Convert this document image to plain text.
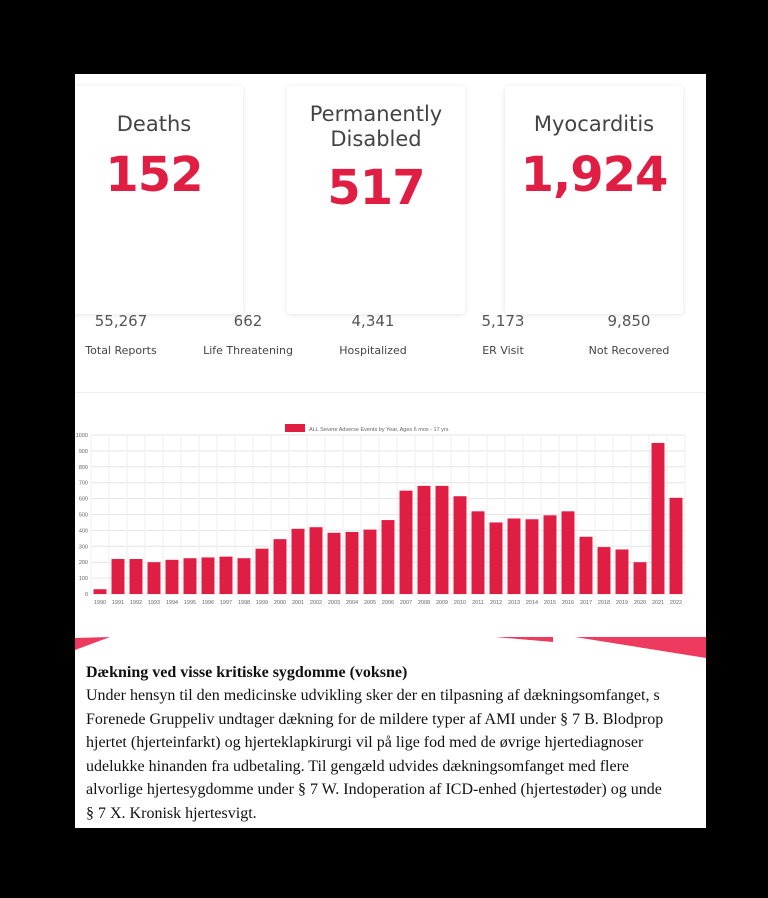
Deaths
152
Permanently Disabled
517
Myocarditis
1,924
55,267
Total Reports
662
Life Threatening
4,341
Hospitalized
5,173
ER Visit
9,850
Not Recovered
1990 1991 1992 1993 1994 1995 1996 1997 1998 1999 2000 2001 2002 2003 2004 2005 2006 2007 2008 2009 2010 2011 2012 2013 2014 2015 2016 2017 2018 2019 2020 2021 2022
0
100
200
300
400
500
600
700
800
900
1000
ALL Severe Adverse Events by Year, Ages 6 mos - 17 yrs
Dækning ved visse kritiske sygdomme (voksne)
Under hensyn til den medicinske udvikling sker der en tilpasning af dækningsomfanget, s
Forenede Gruppeliv undtager dækning for de mildere typer af AMI under § 7 B. Blodprop
hjertet (hjerteinfarkt) og hjerteklapkirurgi vil på lige fod med de øvrige hjertediagnoser
udelukke hinanden fra udbetaling. Til gengæld udvides dækningsomfanget med flere
alvorlige hjertesygdomme under § 7 W. Indoperation af ICD-enhed (hjertestøder) og unde
§ 7 X. Kronisk hjertesvigt.
